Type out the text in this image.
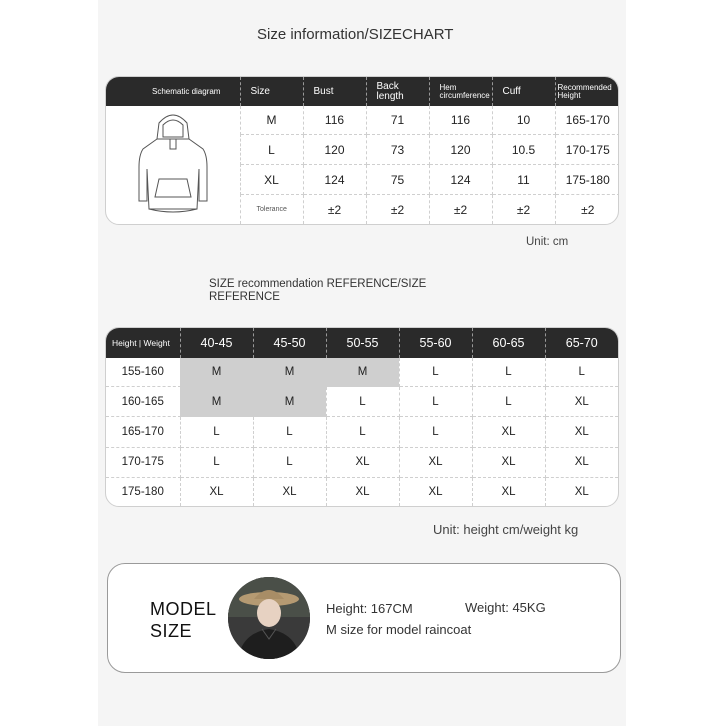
Size information/SIZECHART
Schematic diagram	Size	Bust	Back length	Hem circumference	Cuff	Recommended Height
	M	116	71	116	10	165-170
	L	120	73	120	10.5	170-175
	XL	124	75	124	11	175-180
	Tolerance	±2	±2	±2	±2	±2
Unit: cm
SIZE recommendation REFERENCE/SIZE REFERENCE
Height | Weight	40-45	45-50	50-55	55-60	60-65	65-70
155-160	M	M	M	L	L	L
160-165	M	M	L	L	L	XL
165-170	L	L	L	L	XL	XL
170-175	L	L	XL	XL	XL	XL
175-180	XL	XL	XL	XL	XL	XL
Unit: height cm/weight kg
MODEL SIZE
Height: 167CM	Weight: 45KG
M size for model raincoat
